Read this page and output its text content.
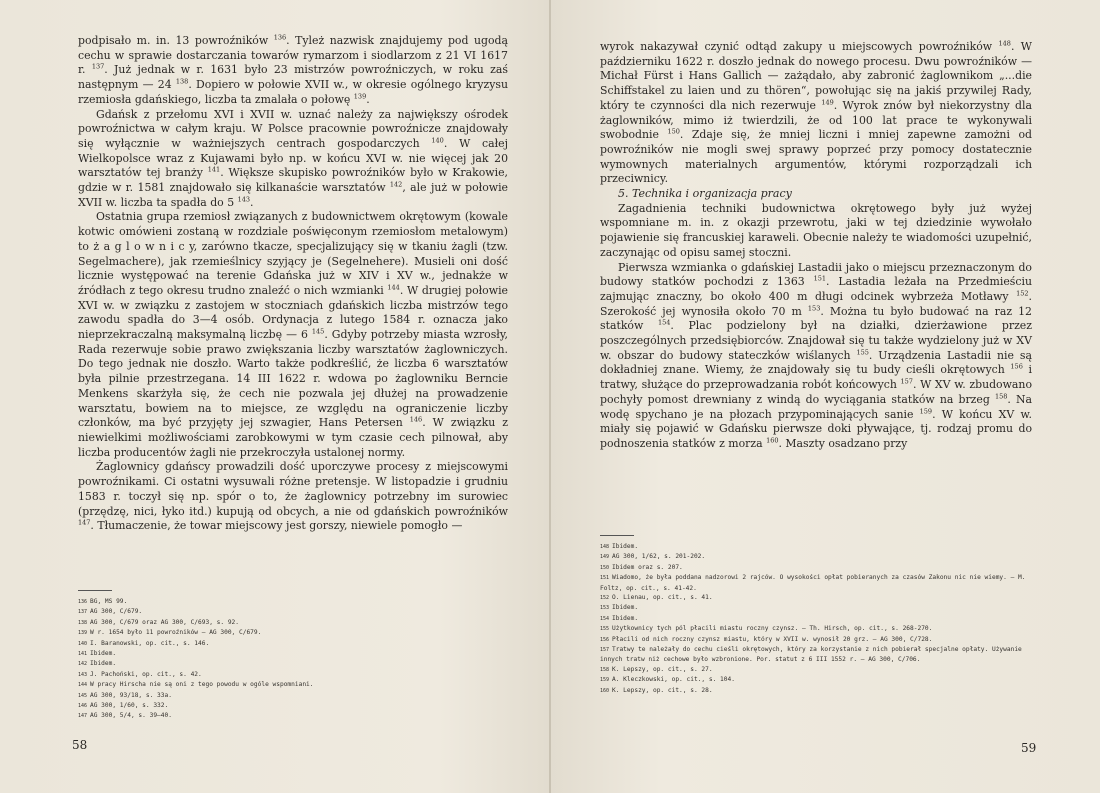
podpisało m. in. 13 powroźników $^{136}$. Tyleż nazwisk znajdujemy pod ugodą cechu w sprawie dostarczania towarów rymarzom i siodlarzom z 21 VI 1617 r. $^{137}$. Już jednak w r. 1631 było 23 mistrzów powroźniczych, w roku zaś następnym — 24 $^{138}$. Dopiero w połowie XVII w., w okresie ogólnego kryzysu rzemiosła gdańskiego, liczba ta zmalała o połowę $^{139}$.

Gdańsk z przełomu XVI i XVII w. uznać należy za największy ośrodek powroźnictwa w całym kraju. W Polsce pracownie powroźnicze znajdowały się wyłącznie w ważniejszych centrach gospodarczych $^{140}$. W całej Wielkopolsce wraz z Kujawami było np. w końcu XVI w. nie więcej jak 20 warsztatów tej branży $^{141}$. Większe skupisko powroźników było w Krakowie, gdzie w r. 1581 znajdowało się kilkanaście warsztatów $^{142}$, ale już w połowie XVII w. liczba ta spadła do 5 $^{143}$.

Ostatnia grupa rzemiosł związanych z budownictwem okrętowym (kowale kotwic omówieni zostaną w rozdziale poświęconym rzemiosłom metalowym) to ż a g l o w n i c y, zarówno tkacze, specjalizujący się w tkaniu żagli (tzw. Segelmachere), jak rzemieślnicy szyjący je (Segelnehere). Musieli oni dość licznie występować na terenie Gdańska już w XIV i XV w., jednakże w źródłach z tego okresu trudno znaleźć o nich wzmianki $^{144}$. W drugiej połowie XVI w. w związku z zastojem w stoczniach gdańskich liczba mistrzów tego zawodu spadła do 3—4 osób. Ordynacja z lutego 1584 r. oznacza jako nieprzekraczalną maksymalną liczbę — 6 $^{145}$. Gdyby potrzeby miasta wzrosły, Rada rezerwuje sobie prawo zwiększania liczby warsztatów żaglowniczych. Do tego jednak nie doszło. Warto także podkreślić, że liczba 6 warsztatów była pilnie przestrzegana. 14 III 1622 r. wdowa po żaglowniku Berncie Menkens skarżyła się, że cech nie pozwala jej dłużej na prowadzenie warsztatu, bowiem na to miejsce, ze względu na ograniczenie liczby członków, ma być przyjęty jej szwagier, Hans Petersen $^{146}$. W związku z niewielkimi możliwościami zarobkowymi w tym czasie cech pilnował, aby liczba producentów żagli nie przekroczyła ustalonej normy.

Żaglownicy gdańscy prowadzili dość uporczywe procesy z miejscowymi powroźnikami. Ci ostatni wysuwali różne pretensje. W listopadzie i grudniu 1583 r. toczył się np. spór o to, że żaglownicy potrzebny im surowiec (przędzę, nici, łyko itd.) kupują od obcych, a nie od gdańskich powroźników $^{147}$. Tłumaczenie, że towar miejscowy jest gorszy, niewiele pomogło —

136 BG, MS 99.
137 AG 300, C/679.
138 AG 300, C/679 oraz AG 300, C/693, s. 92.
139 W r. 1654 było 11 powroźników — AG 300, C/679.
140 I. Baranowski, op. cit., s. 146.
141 Ibidem.
142 Ibidem.
143 J. Pachoński, op. cit., s. 42.
144 W pracy Hirscha nie są oni z tego powodu w ogóle wspomniani.
145 AG 300, 93/18, s. 33a.
146 AG 300, 1/60, s. 332.
147 AG 300, 5/4, s. 39—40.
58

wyrok nakazywał czynić odtąd zakupy u miejscowych powroźników $^{148}$. W październiku 1622 r. doszło jednak do nowego procesu. Dwu powroźników — Michał Fürst i Hans Gallich — zażądało, aby zabronić żaglownikom „...die Schiffstakel zu laien und zu thören“, powołując się na jakiś przywilej Rady, który te czynności dla nich rezerwuje $^{149}$. Wyrok znów był niekorzystny dla żaglowników, mimo iż twierdzili, że od 100 lat prace te wykonywali swobodnie $^{150}$. Zdaje się, że mniej liczni i mniej zapewne zamożni od powroźników nie mogli swej sprawy poprzeć przy pomocy dostatecznie wymownych materialnych argumentów, którymi rozporządzali ich przeciwnicy.

5. Technika i organizacja pracy

Zagadnienia techniki budownictwa okrętowego były już wyżej wspomniane m. in. z okazji przewrotu, jaki w tej dziedzinie wywołało pojawienie się francuskiej karaweli. Obecnie należy te wiadomości uzupełnić, zaczynając od opisu samej stoczni.

Pierwsza wzmianka o gdańskiej Lastadii jako o miejscu przeznaczonym do budowy statków pochodzi z 1363 $^{151}$. Lastadia leżała na Przedmieściu zajmując znaczny, bo około 400 m długi odcinek wybrzeża Motławy $^{152}$. Szerokość jej wynosiła około 70 m $^{153}$. Można tu było budować na raz 12 statków $^{154}$. Plac podzielony był na działki, dzierżawione przez poszczególnych przedsiębiorców. Znajdował się tu także wydzielony już w XV w. obszar do budowy stateczków wiślanych $^{155}$. Urządzenia Lastadii nie są dokładniej znane. Wiemy, że znajdowały się tu budy cieśli okrętowych $^{156}$ i tratwy, służące do przeprowadzania robót końcowych $^{157}$. W XV w. zbudowano pochyły pomost drewniany z windą do wyciągania statków na brzeg $^{158}$. Na wodę spychano je na płozach przypominających sanie $^{159}$. W końcu XV w. miały się pojawić w Gdańsku pierwsze doki pływające, tj. rodzaj promu do podnoszenia statków z morza $^{160}$. Maszty osadzano przy

148 Ibidem.
149 AG 300, 1/62, s. 201-202.
150 Ibidem oraz s. 207.
151 Wiadomo, że była poddana nadzorowi 2 rajców. O wysokości opłat pobieranych za czasów Zakonu nic nie wiemy. — M. Foltz, op. cit., s. 41-42.
152 O. Lienau, op. cit., s. 41.
153 Ibidem.
154 Ibidem.
155 Użytkownicy tych pól płacili miastu roczny czynsz. — Th. Hirsch, op. cit., s. 268-270.
156 Płacili od nich roczny czynsz miastu, który w XVII w. wynosił 20 grz. — AG 300, C/728.
157 Tratwy te należały do cechu cieśli okrętowych, który za korzystanie z nich pobierał specjalne opłaty. Używanie innych tratw niż cechowe było wzbronione. Por. statut z 6 III 1552 r. — AG 300, C/706.
158 K. Lepszy, op. cit., s. 27.
159 A. Kleczkowski, op. cit., s. 104.
160 K. Lepszy, op. cit., s. 28.
59
